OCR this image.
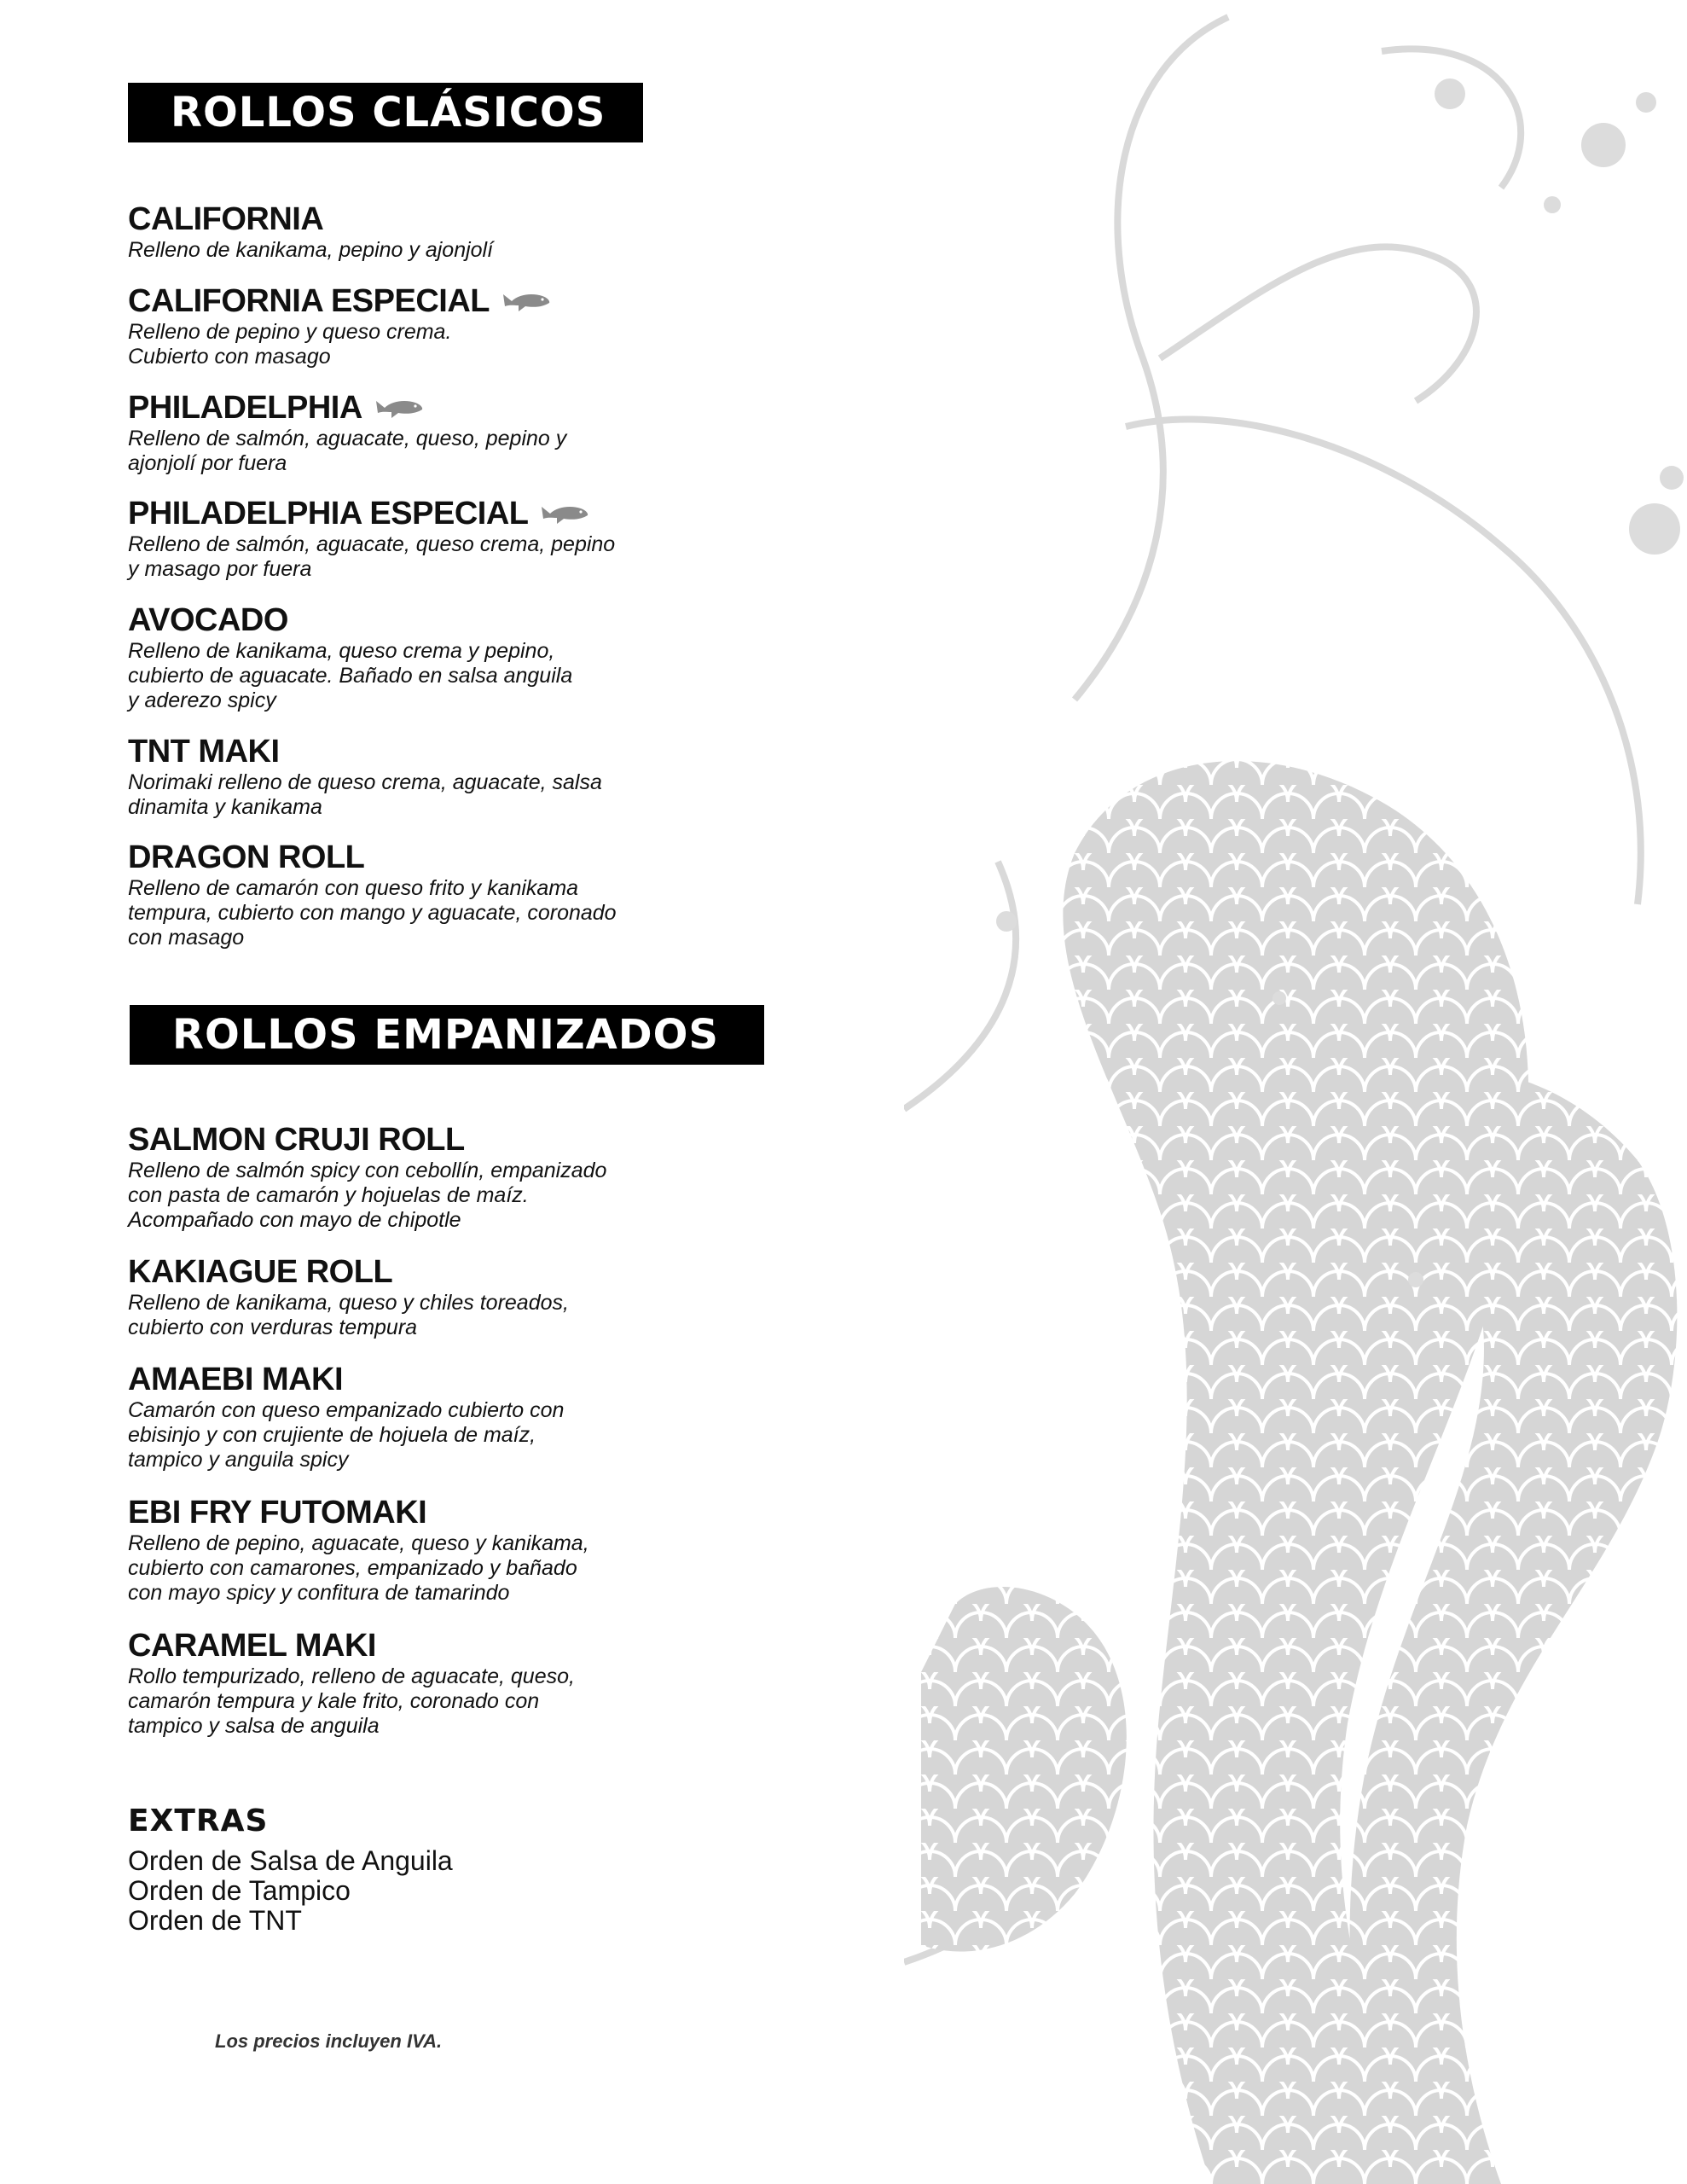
ROLLOS CLÁSICOS
CALIFORNIA
Relleno de kanikama, pepino y ajonjolí
CALIFORNIA ESPECIAL
Relleno de pepino y queso crema.
Cubierto con masago
PHILADELPHIA
Relleno de salmón, aguacate, queso, pepino y
ajonjolí por fuera
PHILADELPHIA ESPECIAL
Relleno de salmón, aguacate, queso crema, pepino
y masago por fuera
AVOCADO
Relleno de kanikama, queso crema y pepino,
cubierto de aguacate. Bañado en salsa anguila
y aderezo spicy
TNT MAKI
Norimaki relleno de queso crema, aguacate, salsa
dinamita y kanikama
DRAGON ROLL
Relleno de camarón con queso frito y kanikama
tempura, cubierto con mango y aguacate, coronado
con masago
ROLLOS EMPANIZADOS
SALMON CRUJI ROLL
Relleno de salmón spicy con cebollín, empanizado
con pasta de camarón y hojuelas de maíz.
Acompañado con mayo de chipotle
KAKIAGUE ROLL
Relleno de kanikama, queso y chiles toreados,
cubierto con verduras tempura
AMAEBI MAKI
Camarón con queso empanizado cubierto con
ebisinjo y con crujiente de hojuela de maíz,
tampico y anguila spicy
EBI FRY FUTOMAKI
Relleno de pepino, aguacate, queso y kanikama,
cubierto con camarones, empanizado y bañado
con mayo spicy y confitura de tamarindo
CARAMEL MAKI
Rollo tempurizado, relleno de aguacate, queso,
camarón tempura y kale frito, coronado con
tampico y salsa de anguila
EXTRAS
Orden de Salsa de Anguila
Orden de Tampico
Orden de TNT
Los precios incluyen IVA.
